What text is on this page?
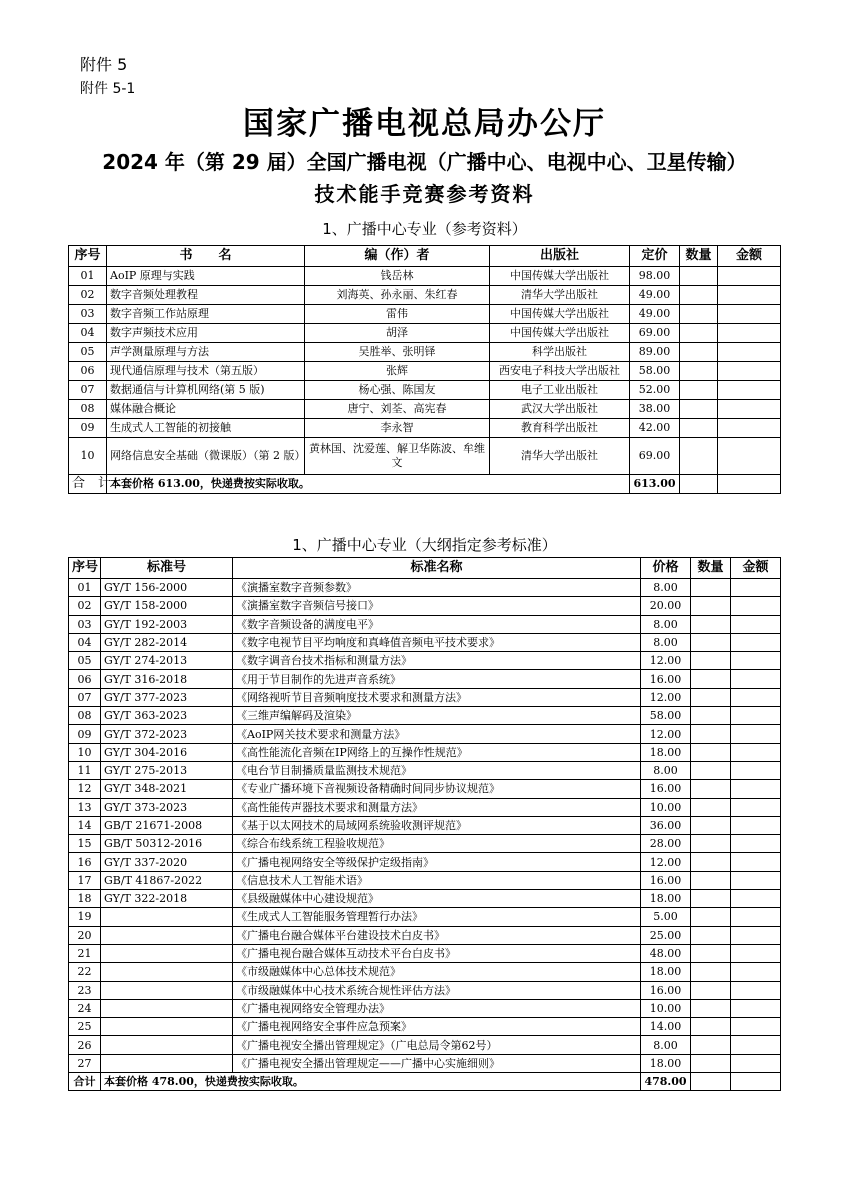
附件 5
附件 5-1
国家广播电视总局办公厅
2024 年（第 29 届）全国广播电视（广播中心、电视中心、卫星传输）
技术能手竞赛参考资料
1、广播中心专业（参考资料）
序号	书　　名	编（作）者	出版社	定价	数量	金额
01	AoIP 原理与实践	钱岳林	中国传媒大学出版社	98.00		
02	数字音频处理教程	刘海英、孙永丽、朱红春	清华大学出版社	49.00		
03	数字音频工作站原理	雷伟	中国传媒大学出版社	49.00		
04	数字声频技术应用	胡泽	中国传媒大学出版社	69.00		
05	声学测量原理与方法	吴胜举、张明铎	科学出版社	89.00		
06	现代通信原理与技术（第五版）	张辉	西安电子科技大学出版社	58.00		
07	数据通信与计算机网络(第 5 版)	杨心强、陈国友	电子工业出版社	52.00		
08	媒体融合概论	唐宁、刘荃、高宪春	武汉大学出版社	38.00		
09	生成式人工智能的初接触	李永智	教育科学出版社	42.00		
10	网络信息安全基础（微课版）（第 2 版）	黄林国、沈爱莲、解卫华陈波、牟维文	清华大学出版社	69.00		
合　计	本套价格 613.00，快递费按实际收取。			613.00		
1、广播中心专业（大纲指定参考标准）
序号	标准号	标准名称	价格	数量	金额
01	GY/T 156-2000	《演播室数字音频参数》	8.00		
02	GY/T 158-2000	《演播室数字音频信号接口》	20.00		
03	GY/T 192-2003	《数字音频设备的满度电平》	8.00		
04	GY/T 282-2014	《数字电视节目平均响度和真峰值音频电平技术要求》	8.00		
05	GY/T 274-2013	《数字调音台技术指标和测量方法》	12.00		
06	GY/T 316-2018	《用于节目制作的先进声音系统》	16.00		
07	GY/T 377-2023	《网络视听节目音频响度技术要求和测量方法》	12.00		
08	GY/T 363-2023	《三维声编解码及渲染》	58.00		
09	GY/T 372-2023	《AoIP网关技术要求和测量方法》	12.00		
10	GY/T 304-2016	《高性能流化音频在IP网络上的互操作性规范》	18.00		
11	GY/T 275-2013	《电台节目制播质量监测技术规范》	8.00		
12	GY/T 348-2021	《专业广播环境下音视频设备精确时间同步协议规范》	16.00		
13	GY/T 373-2023	《高性能传声器技术要求和测量方法》	10.00		
14	GB/T 21671-2008	《基于以太网技术的局域网系统验收测评规范》	36.00		
15	GB/T 50312-2016	《综合布线系统工程验收规范》	28.00		
16	GY/T 337-2020	《广播电视网络安全等级保护定级指南》	12.00		
17	GB/T 41867-2022	《信息技术人工智能术语》	16.00		
18	GY/T 322-2018	《县级融媒体中心建设规范》	18.00		
19		《生成式人工智能服务管理暂行办法》	5.00		
20		《广播电台融合媒体平台建设技术白皮书》	25.00		
21		《广播电视台融合媒体互动技术平台白皮书》	48.00		
22		《市级融媒体中心总体技术规范》	18.00		
23		《市级融媒体中心技术系统合规性评估方法》	16.00		
24		《广播电视网络安全管理办法》	10.00		
25		《广播电视网络安全事件应急预案》	14.00		
26		《广播电视安全播出管理规定》（广电总局令第62号）	8.00		
27		《广播电视安全播出管理规定——广播中心实施细则》	18.00		
合计	本套价格 478.00，快递费按实际收取。		478.00		
